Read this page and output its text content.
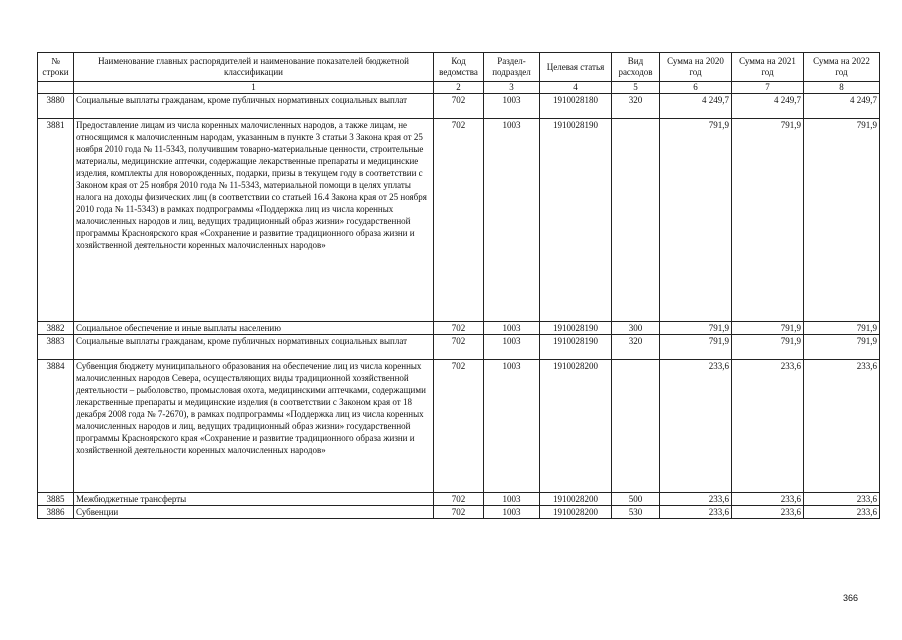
№ строки	Наименование главных распорядителей и наименование показателей бюджетной классификации	Код ведомства	Раздел-подраздел	Целевая статья	Вид расходов	Сумма на 2020 год	Сумма на 2021 год	Сумма на 2022 год
	1	2	3	4	5	6	7	8
3880	Социальные выплаты гражданам, кроме публичных нормативных социальных выплат	702	1003	1910028180	320	4 249,7	4 249,7	4 249,7
3881	Предоставление лицам из числа коренных малочисленных народов, а также лицам, не относящимся к малочисленным народам, указанным в пункте 3 статьи 3 Закона края от 25 ноября 2010 года № 11-5343, получившим товарно-материальные ценности, строительные материалы, медицинские аптечки, содержащие лекарственные препараты и медицинские изделия, комплекты для новорожденных, подарки, призы в текущем году в соответствии с Законом края от 25 ноября 2010 года № 11-5343, материальной помощи в целях уплаты налога на доходы физических лиц (в соответствии со статьей 16.4 Закона края от 25 ноября 2010 года № 11-5343) в рамках подпрограммы «Поддержка лиц из числа коренных малочисленных народов и лиц, ведущих традиционный образ жизни» государственной программы Красноярского края «Сохранение и развитие традиционного образа жизни и хозяйственной деятельности коренных малочисленных народов»	702	1003	1910028190		791,9	791,9	791,9
3882	Социальное обеспечение и иные выплаты населению	702	1003	1910028190	300	791,9	791,9	791,9
3883	Социальные выплаты гражданам, кроме публичных нормативных социальных выплат	702	1003	1910028190	320	791,9	791,9	791,9
3884	Субвенция бюджету муниципального образования на обеспечение лиц из числа коренных малочисленных народов Севера, осуществляющих виды традиционной хозяйственной деятельности – рыболовство, промысловая охота, медицинскими аптечками, содержащими лекарственные препараты и медицинские изделия (в соответствии с Законом края от 18 декабря 2008 года № 7-2670), в рамках подпрограммы «Поддержка лиц из числа коренных малочисленных народов и лиц, ведущих традиционный образ жизни» государственной программы Красноярского края «Сохранение и развитие традиционного образа жизни и хозяйственной деятельности коренных малочисленных народов»	702	1003	1910028200		233,6	233,6	233,6
3885	Межбюджетные трансферты	702	1003	1910028200	500	233,6	233,6	233,6
3886	Субвенции	702	1003	1910028200	530	233,6	233,6	233,6
366
